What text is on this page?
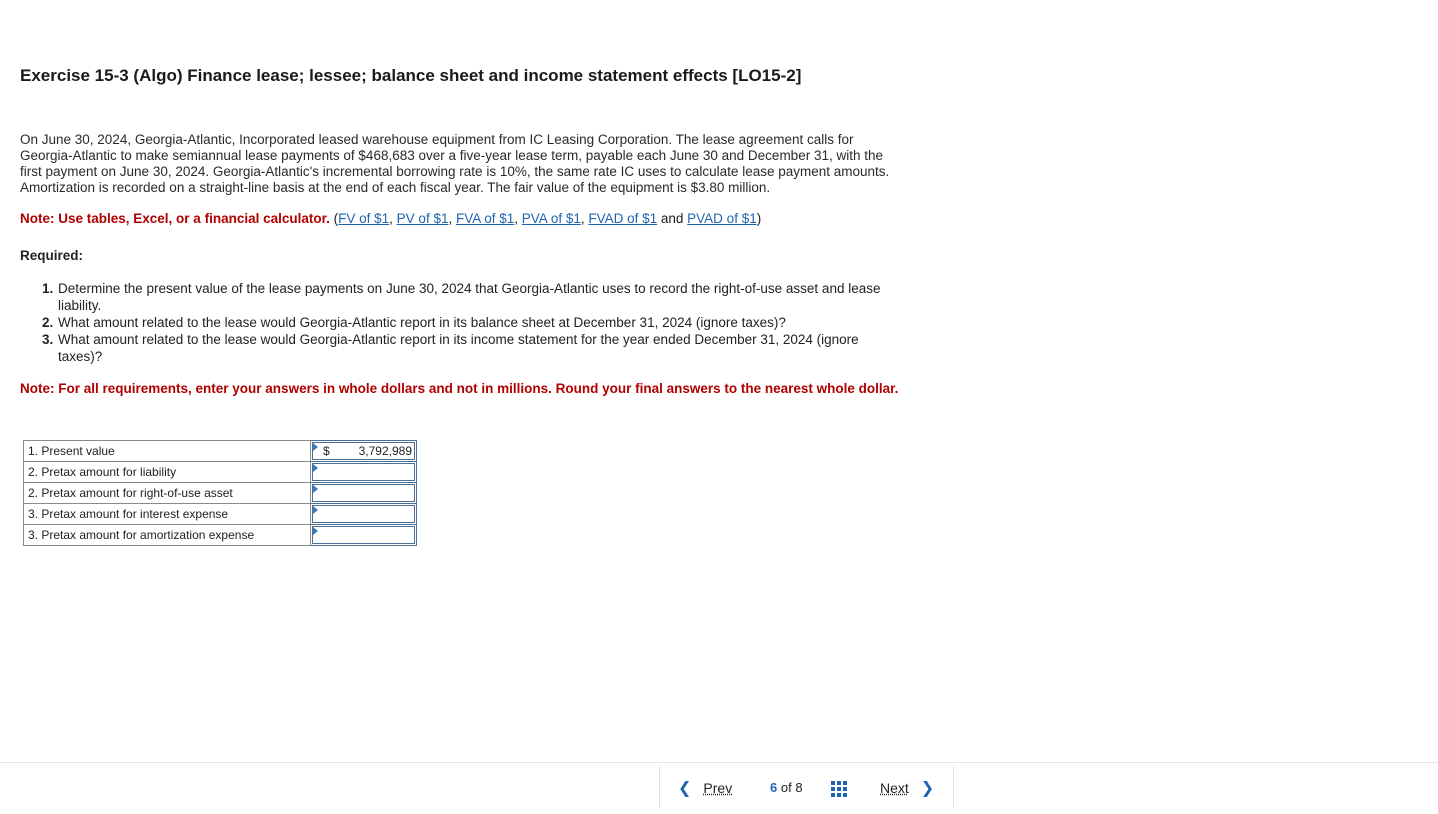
Exercise 15-3 (Algo) Finance lease; lessee; balance sheet and income statement effects [LO15-2]
On June 30, 2024, Georgia-Atlantic, Incorporated leased warehouse equipment from IC Leasing Corporation. The lease agreement calls for Georgia-Atlantic to make semiannual lease payments of $468,683 over a five-year lease term, payable each June 30 and December 31, with the first payment on June 30, 2024. Georgia-Atlantic's incremental borrowing rate is 10%, the same rate IC uses to calculate lease payment amounts. Amortization is recorded on a straight-line basis at the end of each fiscal year. The fair value of the equipment is $3.80 million.
Note: Use tables, Excel, or a financial calculator. (FV of $1, PV of $1, FVA of $1, PVA of $1, FVAD of $1 and PVAD of $1)
Required:
1. Determine the present value of the lease payments on June 30, 2024 that Georgia-Atlantic uses to record the right-of-use asset and lease liability.
2. What amount related to the lease would Georgia-Atlantic report in its balance sheet at December 31, 2024 (ignore taxes)?
3. What amount related to the lease would Georgia-Atlantic report in its income statement for the year ended December 31, 2024 (ignore taxes)?
Note: For all requirements, enter your answers in whole dollars and not in millions. Round your final answers to the nearest whole dollar.
1. Present value	$ 3,792,989

2. Pretax amount for liability	

2. Pretax amount for right-of-use asset	

3. Pretax amount for interest expense	

3. Pretax amount for amortization expense	
❮ Prev	6 of 8	Next ❯
